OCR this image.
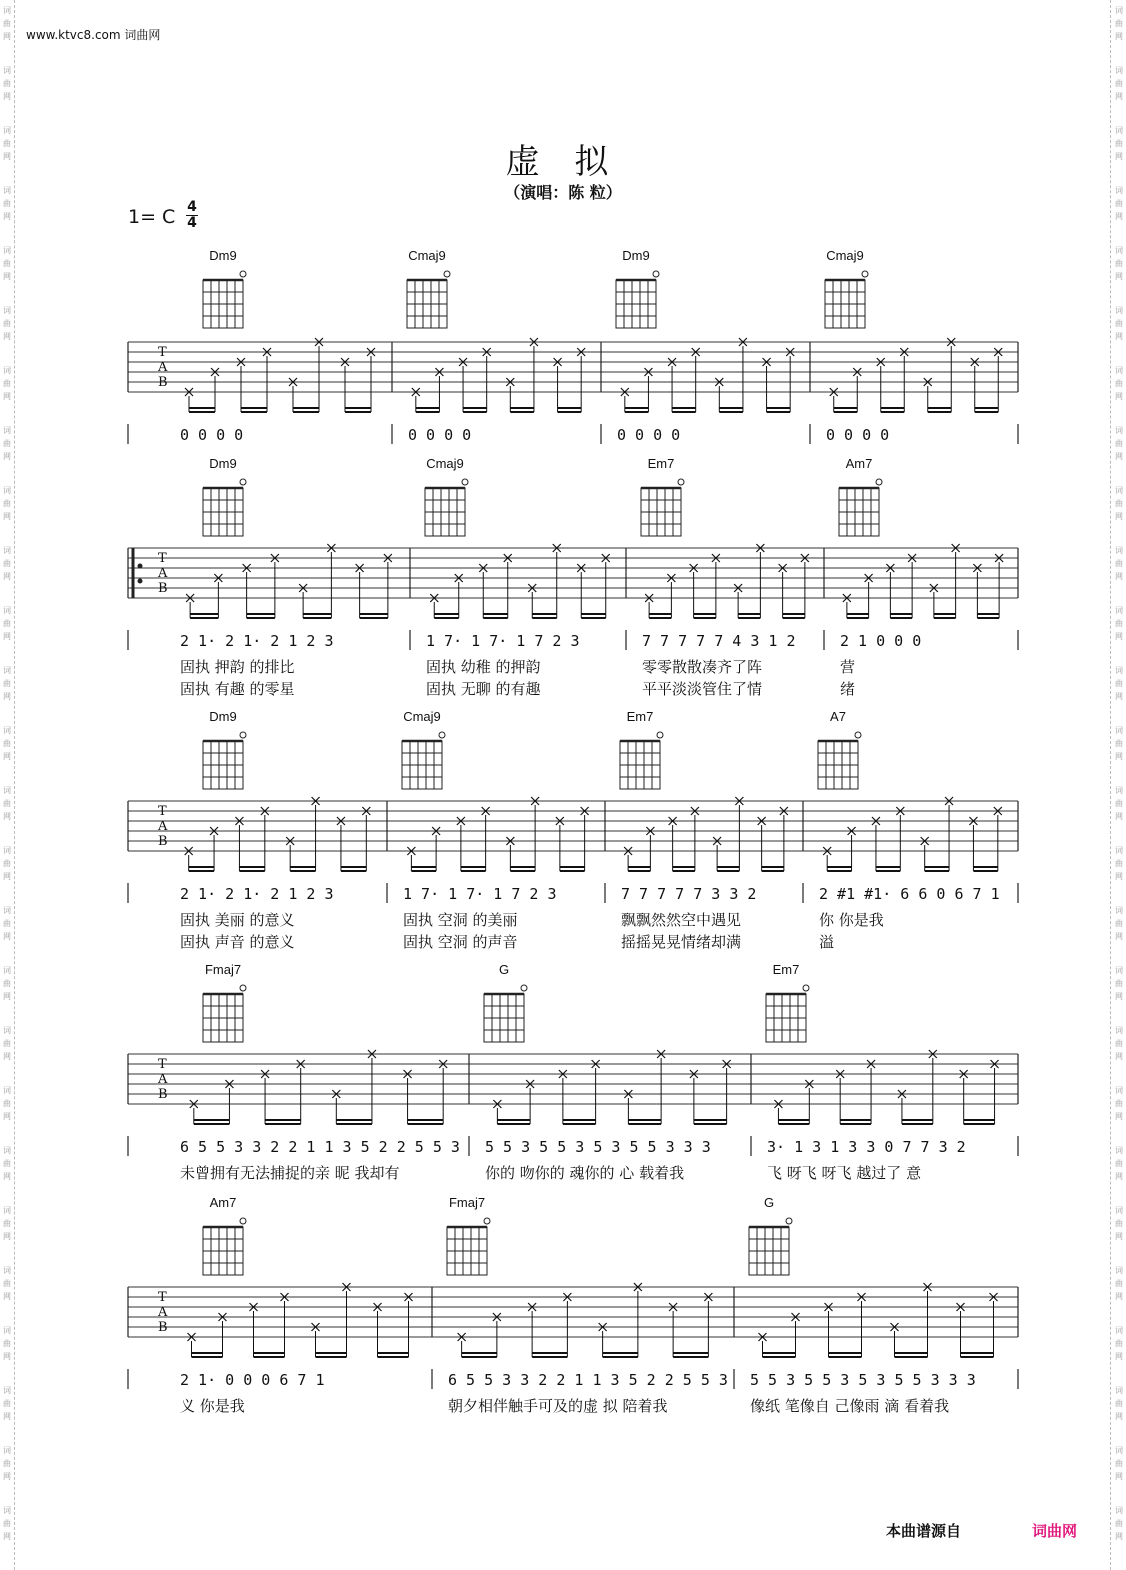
www.ktvc8.com 词曲网
词
曲
网
词
曲
网
词
曲
网
词
曲
网
词
曲
网
词
曲
网
词
曲
网
词
曲
网
词
曲
网
词
曲
网
词
曲
网
词
曲
网
词
曲
网
词
曲
网
词
曲
网
词
曲
网
词
曲
网
词
曲
网
词
曲
网
词
曲
网
词
曲
网
词
曲
网
词
曲
网
词
曲
网
词
曲
网
词
曲
网
词
曲
网
词
曲
网
词
曲
网
词
曲
网
词
曲
网
词
曲
网
词
曲
网
词
曲
网
词
曲
网
词
曲
网
词
曲
网
词
曲
网
词
曲
网
词
曲
网
词
曲
网
词
曲
网
词
曲
网
词
曲
网
词
曲
网
词
曲
网
词
曲
网
词
曲
网
词
曲
网
词
曲
网
词
曲
网
词
曲
网
虚 拟
（演唱：陈 粒）
1= C 4
4
T
A
B
Dm9
0 0 0 0
Cmaj9
0 0 0 0
Dm9
0 0 0 0
Cmaj9
0 0 0 0
T
A
B
Dm9
2 1· 2 1· 2 1 2 3
固执 押韵 的排比
固执 有趣 的零星
Cmaj9
1 7· 1 7· 1 7 2 3
固执 幼稚 的押韵
固执 无聊 的有趣
Em7
7 7 7 7 7 4 3 1 2
零零散散凑齐了阵
平平淡淡管住了情
Am7
2 1 0 0 0
营
绪
T
A
B
Dm9
2 1· 2 1· 2 1 2 3
固执 美丽 的意义
固执 声音 的意义
Cmaj9
1 7· 1 7· 1 7 2 3
固执 空洞 的美丽
固执 空洞 的声音
Em7
7 7 7 7 7 3 3 2
飘飘然然空中遇见
摇摇晃晃情绪却满
A7
2 #1 #1· 6 6 0 6 7 1
你 你是我
溢
T
A
B
Fmaj7
6 5 5 3 3 2 2 1 1 3 5 2 2 5 5 3
未曾拥有无法捕捉的亲 昵 我却有
G
5 5 3 5 5 3 5 3 5 5 3 3 3
你的 吻你的 魂你的 心 载着我
Em7
3· 1 3 1 3 3 0 7 7 3 2
飞 呀飞 呀飞 越过了 意
T
A
B
Am7
2 1· 0 0 0 6 7 1
义 你是我
Fmaj7
6 5 5 3 3 2 2 1 1 3 5 2 2 5 5 3
朝夕相伴触手可及的虚 拟 陪着我
G
5 5 3 5 5 3 5 3 5 5 3 3 3
像纸 笔像自 己像雨 滴 看着我
本曲谱源自	词曲网
